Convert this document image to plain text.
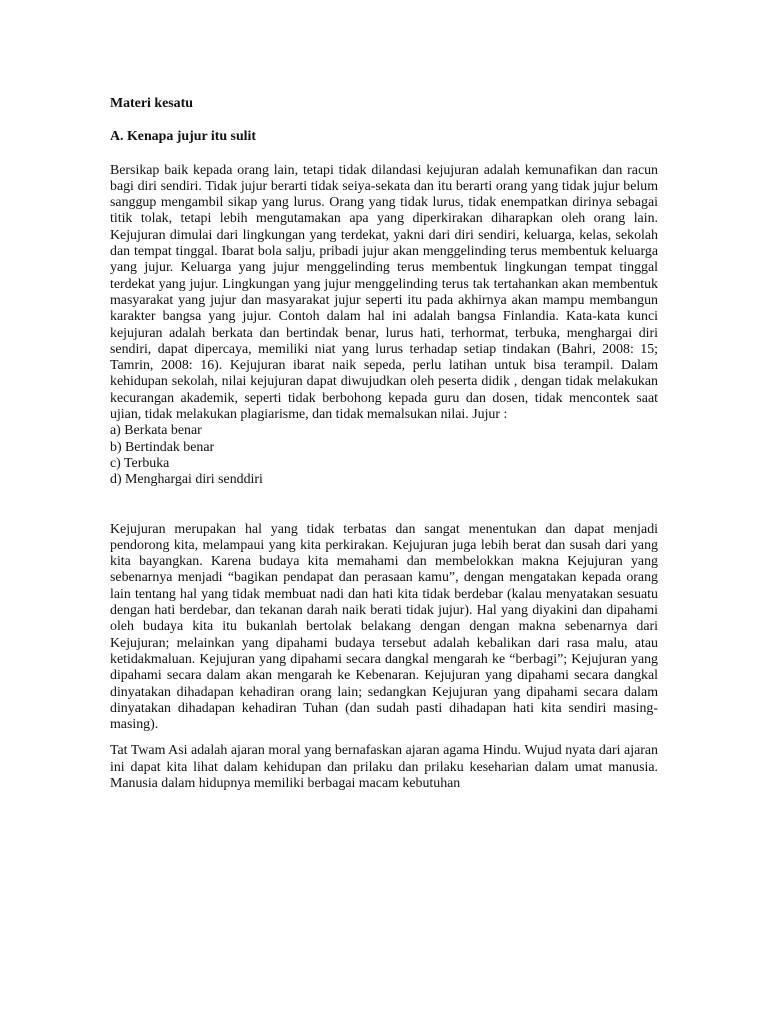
Materi kesatu

A. Kenapa jujur itu sulit

Bersikap baik kepada orang lain, tetapi tidak dilandasi kejujuran adalah kemunafikan dan racun bagi diri sendiri. Tidak jujur berarti tidak seiya-sekata dan itu berarti orang yang tidak jujur belum sanggup mengambil sikap yang lurus. Orang yang tidak lurus, tidak enempatkan dirinya sebagai titik tolak, tetapi lebih mengutamakan apa yang diperkirakan diharapkan oleh orang lain. Kejujuran dimulai dari lingkungan yang terdekat, yakni dari diri sendiri, keluarga, kelas, sekolah dan tempat tinggal. Ibarat bola salju, pribadi jujur akan menggelinding terus membentuk keluarga yang jujur. Keluarga yang jujur menggelinding terus membentuk lingkungan tempat tinggal terdekat yang jujur. Lingkungan yang jujur menggelinding terus tak tertahankan akan membentuk masyarakat yang jujur dan masyarakat jujur seperti itu pada akhirnya akan mampu membangun karakter bangsa yang jujur. Contoh dalam hal ini adalah bangsa Finlandia. Kata-kata kunci kejujuran adalah berkata dan bertindak benar, lurus hati, terhormat, terbuka, menghargai diri sendiri, dapat dipercaya, memiliki niat yang lurus terhadap setiap tindakan (Bahri, 2008: 15; Tamrin, 2008: 16). Kejujuran ibarat naik sepeda, perlu latihan untuk bisa terampil. Dalam kehidupan sekolah, nilai kejujuran dapat diwujudkan oleh peserta didik , dengan tidak melakukan kecurangan akademik, seperti tidak berbohong kepada guru dan dosen, tidak mencontek saat ujian, tidak melakukan plagiarisme, dan tidak memalsukan nilai. Jujur :

a) Berkata benar
b) Bertindak benar
c) Terbuka
d) Menghargai diri senddiri

Kejujuran merupakan hal yang tidak terbatas dan sangat menentukan dan dapat menjadi pendorong kita, melampaui yang kita perkirakan. Kejujuran juga lebih berat dan susah dari yang kita bayangkan. Karena budaya kita memahami dan membelokkan makna Kejujuran yang sebenarnya menjadi “bagikan pendapat dan perasaan kamu”, dengan mengatakan kepada orang lain tentang hal yang tidak membuat nadi dan hati kita tidak berdebar (kalau menyatakan sesuatu dengan hati berdebar, dan tekanan darah naik berati tidak jujur). Hal yang diyakini dan dipahami oleh budaya kita itu bukanlah bertolak belakang dengan dengan makna sebenarnya dari Kejujuran; melainkan yang dipahami budaya tersebut adalah kebalikan dari rasa malu, atau ketidakmaluan. Kejujuran yang dipahami secara dangkal mengarah ke “berbagi”; Kejujuran yang dipahami secara dalam akan mengarah ke Kebenaran. Kejujuran yang dipahami secara dangkal dinyatakan dihadapan kehadiran orang lain; sedangkan Kejujuran yang dipahami secara dalam dinyatakan dihadapan kehadiran Tuhan (dan sudah pasti dihadapan hati kita sendiri masing-masing).

Tat Twam Asi adalah ajaran moral yang bernafaskan ajaran agama Hindu. Wujud nyata dari ajaran ini dapat kita lihat dalam kehidupan dan prilaku dan prilaku keseharian dalam umat manusia. Manusia dalam hidupnya memiliki berbagai macam kebutuhan
